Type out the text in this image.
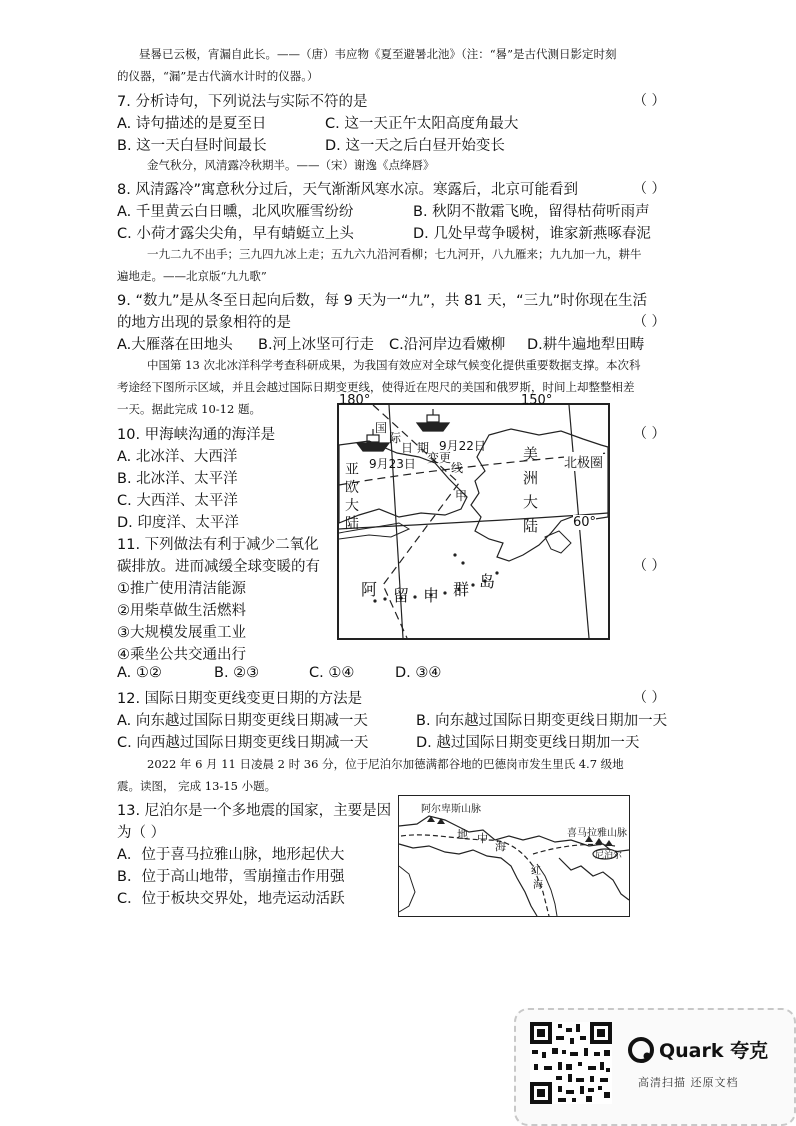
昼晷已云极，宵漏自此长。——（唐）韦应物《夏至避暑北池》（注：“晷”是古代测日影定时刻
的仪器，“漏”是古代滴水计时的仪器。）
7. 分析诗句，下列说法与实际不符的是	（ ）
A. 诗句描述的是夏至日	C. 这一天正午太阳高度角最大
B. 这一天白昼时间最长	D. 这一天之后白昼开始变长
金气秋分，风清露冷秋期半。——（宋）谢逸《点绛唇》
8. 风清露冷”寓意秋分过后，天气渐渐风寒水凉。寒露后，北京可能看到	（ ）
A. 千里黄云白日曛，北风吹雁雪纷纷	B. 秋阴不散霜飞晚，留得枯荷听雨声
C. 小荷才露尖尖角，早有蜻蜓立上头	D. 几处早莺争暖树，谁家新燕啄春泥
一九二九不出手；三九四九冰上走；五九六九沿河看柳；七九河开，八九雁来；九九加一九，耕牛
遍地走。——北京版“九九歌”
9. “数九”是从冬至日起向后数，每 9 天为一“九”，共 81 天，“三九”时你现在生活
的地方出现的景象相符的是	（ ）
A.大雁落在田地头 B.河上冰坚可行走 C.沿河岸边看嫩柳 D.耕牛遍地犁田畴
中国第 13 次北冰洋科学考查科研成果，为我国有效应对全球气候变化提供重要数据支撑。本次科
考途经下图所示区域，并且会越过国际日期变更线，使得近在咫尺的美国和俄罗斯，时间上却整整相差
一天。据此完成 10-12 题。
180°	150°
国
际
日 期
变 更
线
9月22日
9月23日
亚
欧
大
陆
美
洲
大
陆
甲
北极圈
60°
阿 留 申 群 岛
10. 甲海峡沟通的海洋是	（ ）
A. 北冰洋、大西洋
B. 北冰洋、太平洋
C. 大西洋、太平洋
D. 印度洋、太平洋
11. 下列做法有利于减少二氧化
碳排放。进而减缓全球变暖的有	（ ）
①推广使用清洁能源
②用柴草做生活燃料
③大规模发展重工业
④乘坐公共交通出行
A. ①②	B. ②③	C. ①④	D. ③④
12. 国际日期变更线变更日期的方法是	（ ）
A. 向东越过国际日期变更线日期减一天	B. 向东越过国际日期变更线日期加一天
C. 向西越过国际日期变更线日期减一天	D. 越过国际日期变更线日期加一天
2022 年 6 月 11 日凌晨 2 时 36 分，位于尼泊尔加德满都谷地的巴德岗市发生里氏 4.7 级地
震。读图， 完成 13-15 小题。
13. 尼泊尔是一个多地震的国家，主要是因
为（ ）
A．位于喜马拉雅山脉，地形起伏大
B．位于高山地带，雪崩撞击作用强
C．位于板块交界处，地壳运动活跃
阿尔卑斯山脉
地 中
海
红
海
喜马拉雅山脉
尼泊尔
Quark 夸克
高清扫描 还原文档
